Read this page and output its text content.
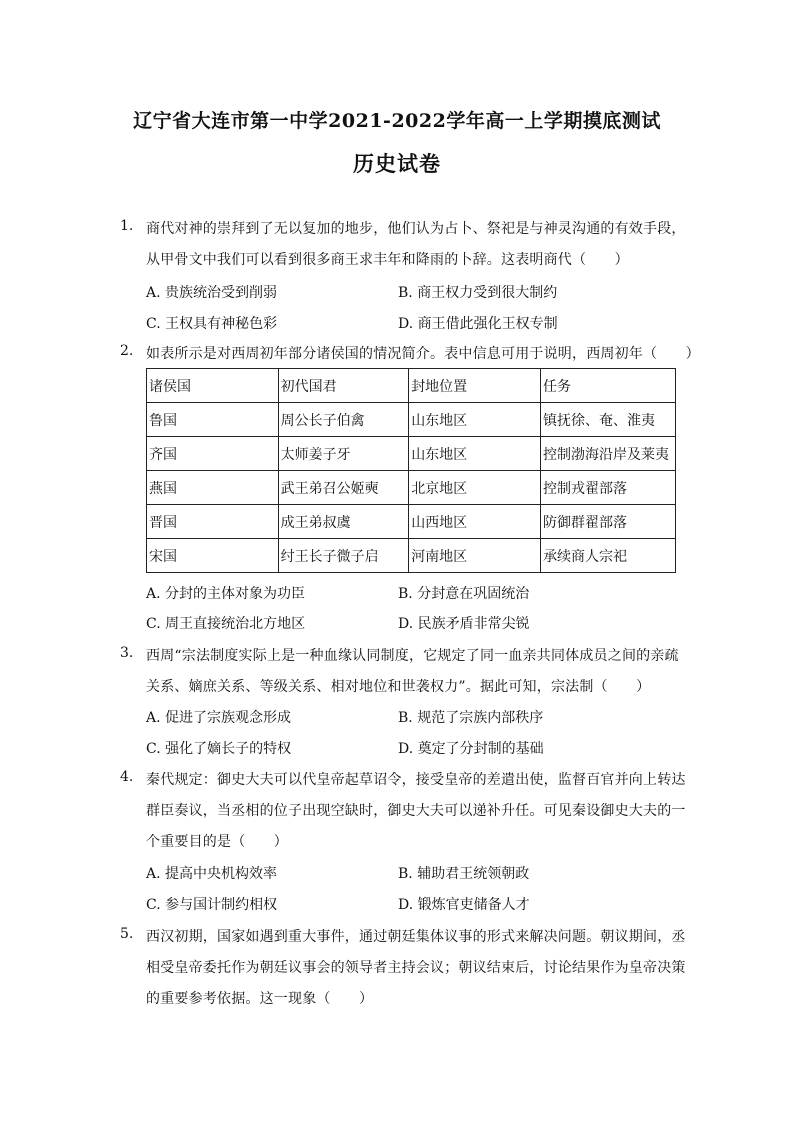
辽宁省大连市第一中学2021-2022学年高一上学期摸底测试
历史试卷
1. 商代对神的崇拜到了无以复加的地步，他们认为占卜、祭祀是与神灵沟通的有效手段，
从甲骨文中我们可以看到很多商王求丰年和降雨的卜辞。这表明商代（　　）
A. 贵族统治受到削弱	B. 商王权力受到很大制约
C. 王权具有神秘色彩	D. 商王借此强化王权专制
2. 如表所示是对西周初年部分诸侯国的情况简介。表中信息可用于说明，西周初年（　　）
诸侯国	初代国君	封地位置	任务
鲁国	周公长子伯禽	山东地区	镇抚徐、奄、淮夷
齐国	太师姜子牙	山东地区	控制渤海沿岸及莱夷
燕国	武王弟召公姬奭	北京地区	控制戎翟部落
晋国	成王弟叔虞	山西地区	防御群翟部落
宋国	纣王长子微子启	河南地区	承续商人宗祀
A. 分封的主体对象为功臣	B. 分封意在巩固统治
C. 周王直接统治北方地区	D. 民族矛盾非常尖锐
3. 西周“宗法制度实际上是一种血缘认同制度，它规定了同一血亲共同体成员之间的亲疏
关系、嫡庶关系、等级关系、相对地位和世袭权力”。据此可知，宗法制（　　）
A. 促进了宗族观念形成	B. 规范了宗族内部秩序
C. 强化了嫡长子的特权	D. 奠定了分封制的基础
4. 秦代规定：御史大夫可以代皇帝起草诏令，接受皇帝的差遣出使，监督百官并向上转达
群臣奏议，当丞相的位子出现空缺时，御史大夫可以递补升任。可见秦设御史大夫的一
个重要目的是（　　）
A. 提高中央机构效率	B. 辅助君王统领朝政
C. 参与国计制约相权	D. 锻炼官吏储备人才
5. 西汉初期，国家如遇到重大事件，通过朝廷集体议事的形式来解决问题。朝议期间，丞
相受皇帝委托作为朝廷议事会的领导者主持会议；朝议结束后，讨论结果作为皇帝决策
的重要参考依据。这一现象（　　）
